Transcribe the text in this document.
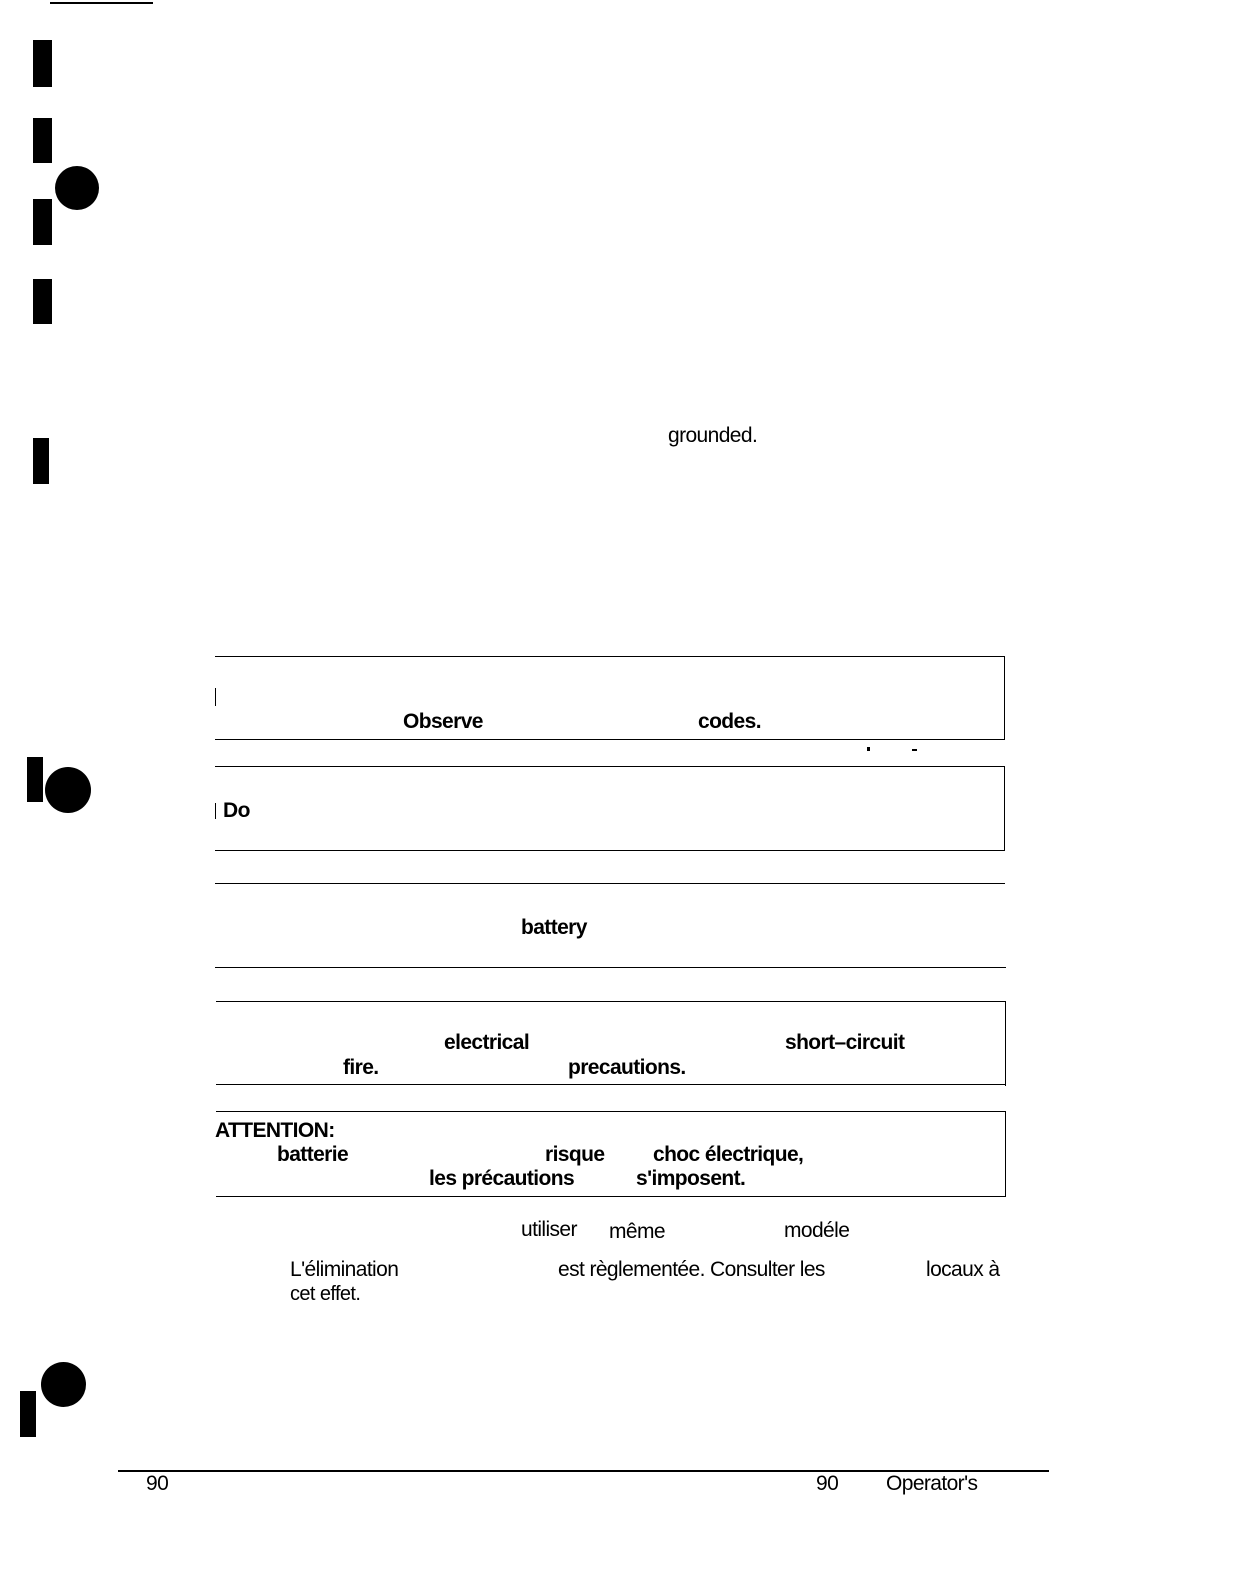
grounded.
Observe	codes.
Do
battery
electrical	short–circuit
fire.	precautions.
ATTENTION:
batterie	risque choc électrique,
les précautions	s'imposent.
utiliser même	modéle
L'élimination	est règlementée. Consulter les	locaux à
cet effet.
90	90 Operator's
